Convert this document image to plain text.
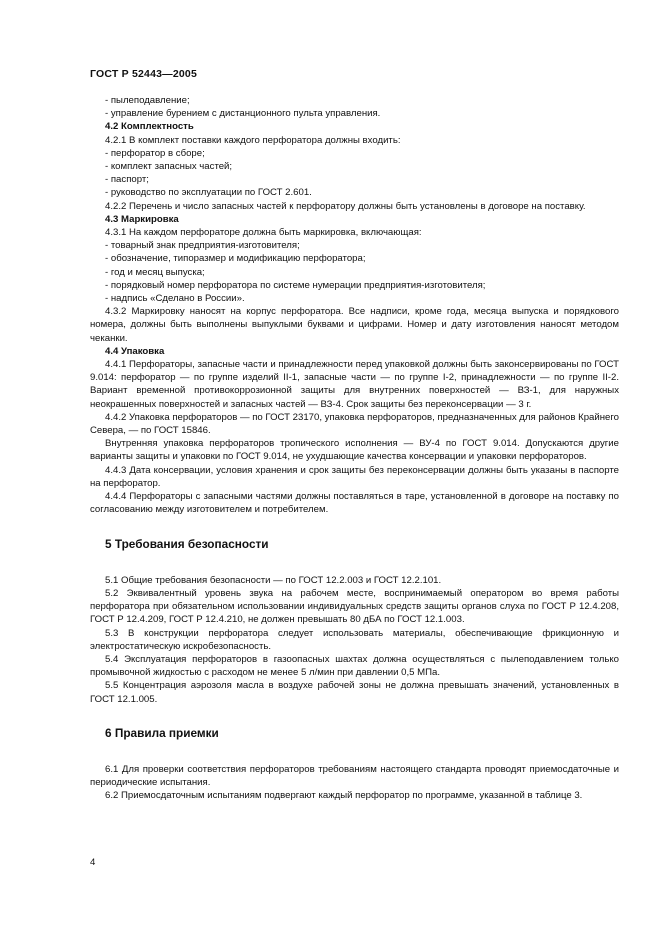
ГОСТ Р 52443—2005

- пылеподавление;

- управление бурением с дистанционного пульта управления.

4.2 Комплектность

4.2.1 В комплект поставки каждого перфоратора должны входить:

- перфоратор в сборе;

- комплект запасных частей;

- паспорт;

- руководство по эксплуатации по ГОСТ 2.601.

4.2.2 Перечень и число запасных частей к перфоратору должны быть установлены в договоре на поставку.

4.3 Маркировка

4.3.1 На каждом перфораторе должна быть маркировка, включающая:

- товарный знак предприятия-изготовителя;

- обозначение, типоразмер и модификацию перфоратора;

- год и месяц выпуска;

- порядковый номер перфоратора по системе нумерации предприятия-изготовителя;

- надпись «Сделано в России».

4.3.2 Маркировку наносят на корпус перфоратора. Все надписи, кроме года, месяца выпуска и порядкового номера, должны быть выполнены выпуклыми буквами и цифрами. Номер и дату изготовления наносят методом чеканки.

4.4 Упаковка

4.4.1 Перфораторы, запасные части и принадлежности перед упаковкой должны быть законсервированы по ГОСТ 9.014: перфоратор — по группе изделий II-1, запасные части — по группе I-2, принадлежности — по группе II-2. Вариант временной противокоррозионной защиты для внутренних поверхностей — ВЗ-1, для наружных неокрашенных поверхностей и запасных частей — ВЗ-4. Срок защиты без переконсервации — 3 г.

4.4.2 Упаковка перфораторов — по ГОСТ 23170, упаковка перфораторов, предназначенных для районов Крайнего Севера, — по ГОСТ 15846.

Внутренняя упаковка перфораторов тропического исполнения — ВУ-4 по ГОСТ 9.014. Допускаются другие варианты защиты и упаковки по ГОСТ 9.014, не ухудшающие качества консервации и упаковки перфораторов.

4.4.3 Дата консервации, условия хранения и срок защиты без переконсервации должны быть указаны в паспорте на перфоратор.

4.4.4 Перфораторы с запасными частями должны поставляться в таре, установленной в договоре на поставку по согласованию между изготовителем и потребителем.

5 Требования безопасности

5.1 Общие требования безопасности — по ГОСТ 12.2.003 и ГОСТ 12.2.101.

5.2 Эквивалентный уровень звука на рабочем месте, воспринимаемый оператором во время работы перфоратора при обязательном использовании индивидуальных средств защиты органов слуха по ГОСТ Р 12.4.208, ГОСТ Р 12.4.209, ГОСТ Р 12.4.210, не должен превышать 80 дБА по ГОСТ 12.1.003.

5.3 В конструкции перфоратора следует использовать материалы, обеспечивающие фрикционную и электростатическую искробезопасность.

5.4 Эксплуатация перфораторов в газоопасных шахтах должна осуществляться с пылеподавлением только промывочной жидкостью с расходом не менее 5 л/мин при давлении 0,5 МПа.

5.5 Концентрация аэрозоля масла в воздухе рабочей зоны не должна превышать значений, установленных в ГОСТ 12.1.005.

6 Правила приемки

6.1 Для проверки соответствия перфораторов требованиям настоящего стандарта проводят приемосдаточные и периодические испытания.

6.2 Приемосдаточным испытаниям подвергают каждый перфоратор по программе, указанной в таблице 3.

4
